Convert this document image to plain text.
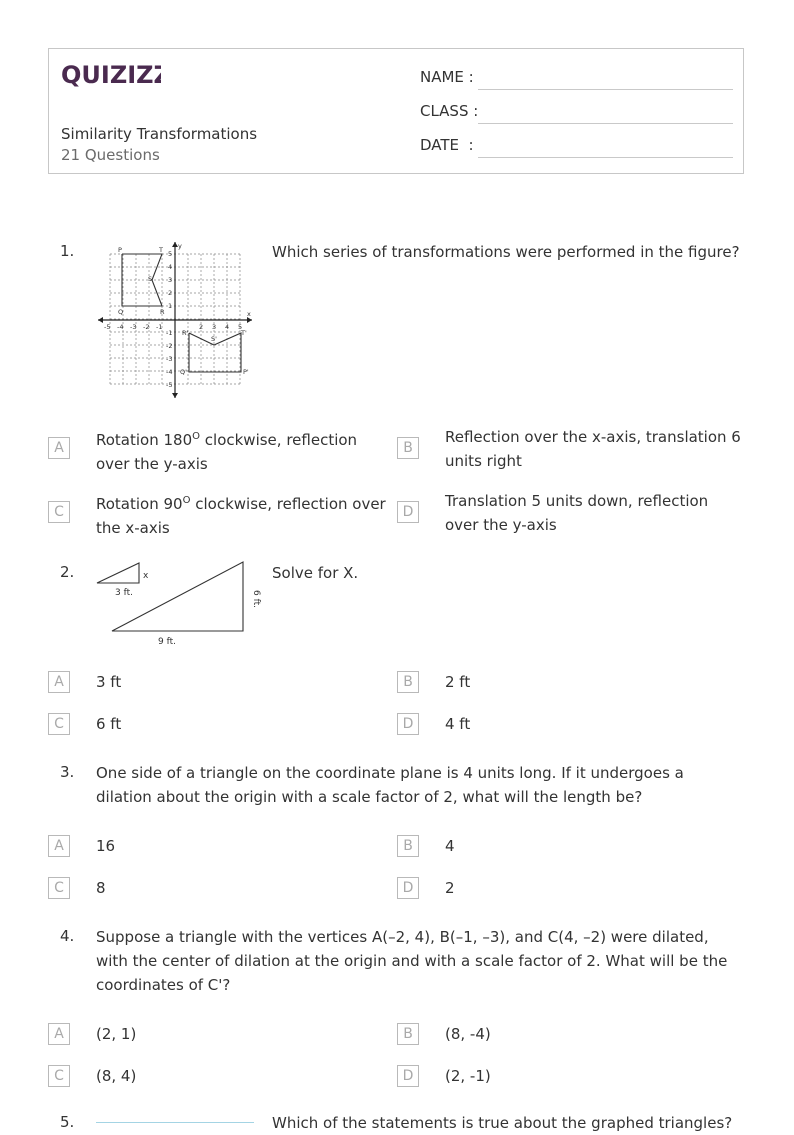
QUIZIZZ
Similarity Transformations
21 Questions
NAME :
CLASS :
DATE  :
1.	P	T
S
Q	R
R'	T'
S'
Q'	P'
y
x
-5 -4 -3 -2 -1	2 3 4 5
5
4
3
2
1
-1
-2
-3
-4
-5
Which series of transformations were performed in the figure?
A	Rotation $180^O$ clockwise, reflection over the y-axis
B
Reflection over the x-axis, translation 6 units right
C	Rotation $90^O$ clockwise, reflection over the x-axis
D
Translation 5 units down, reflection over the y-axis
2.
3 ft.
x
9 ft.
6 ft.
Solve for X.
A	3 ft	B	2 ft
C	6 ft	D	4 ft
3. One side of a triangle on the coordinate plane is 4 units long. If it undergoes a dilation about the origin with a scale factor of 2, what will the length be?
A	16	B	4
C	8	D	2
4. Suppose a triangle with the vertices A(–2, 4), B(–1, –3), and C(4, –2) were dilated, with the center of dilation at the origin and with a scale factor of 2. What will be the coordinates of C'?
A	(2, 1)	B	(8, -4)
C	(8, 4)	D	(2, -1)
5.	Which of the statements is true about the graphed triangles?
